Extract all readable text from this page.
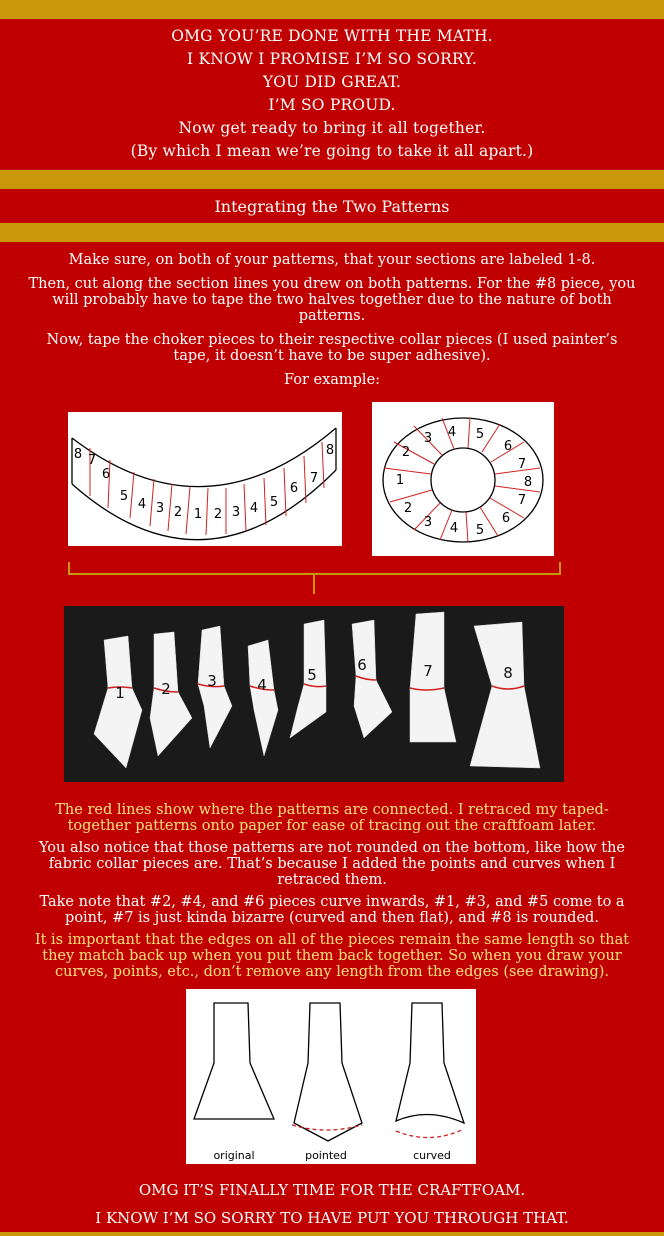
OMG YOU’RE DONE WITH THE MATH.
I KNOW I PROMISE I’M SO SORRY.
YOU DID GREAT.
I’M SO PROUD.
Now get ready to bring it all together.
(By which I mean we’re going to take it all apart.)
Integrating the Two Patterns

Make sure, on both of your patterns, that your sections are labeled 1-8.

Then, cut along the section lines you drew on both patterns. For the #8 piece, you will probably have to tape the two halves together due to the nature of both patterns.

Now, tape the choker pieces to their respective collar pieces (I used painter’s tape, it doesn’t have to be super adhesive).

For example:

8 7
6
5
4 3 2 1 2 3 4 5
6
7
8
1
2
3 4 5
6
7
8
7
6
5
4
3
2
1 2 3	4
5
6	7	8

The red lines show where the patterns are connected. I retraced my taped-together patterns onto paper for ease of tracing out the craftfoam later.

You also notice that those patterns are not rounded on the bottom, like how the fabric collar pieces are. That’s because I added the points and curves when I retraced them.

Take note that #2, #4, and #6 pieces curve inwards, #1, #3, and #5 come to a point, #7 is just kinda bizarre (curved and then flat), and #8 is rounded.

It is important that the edges on all of the pieces remain the same length so that they match back up when you put them back together. So when you draw your curves, points, etc., don’t remove any length from the edges (see drawing).

original	pointed	curved
OMG IT’S FINALLY TIME FOR THE CRAFTFOAM.
I KNOW I’M SO SORRY TO HAVE PUT YOU THROUGH THAT.
